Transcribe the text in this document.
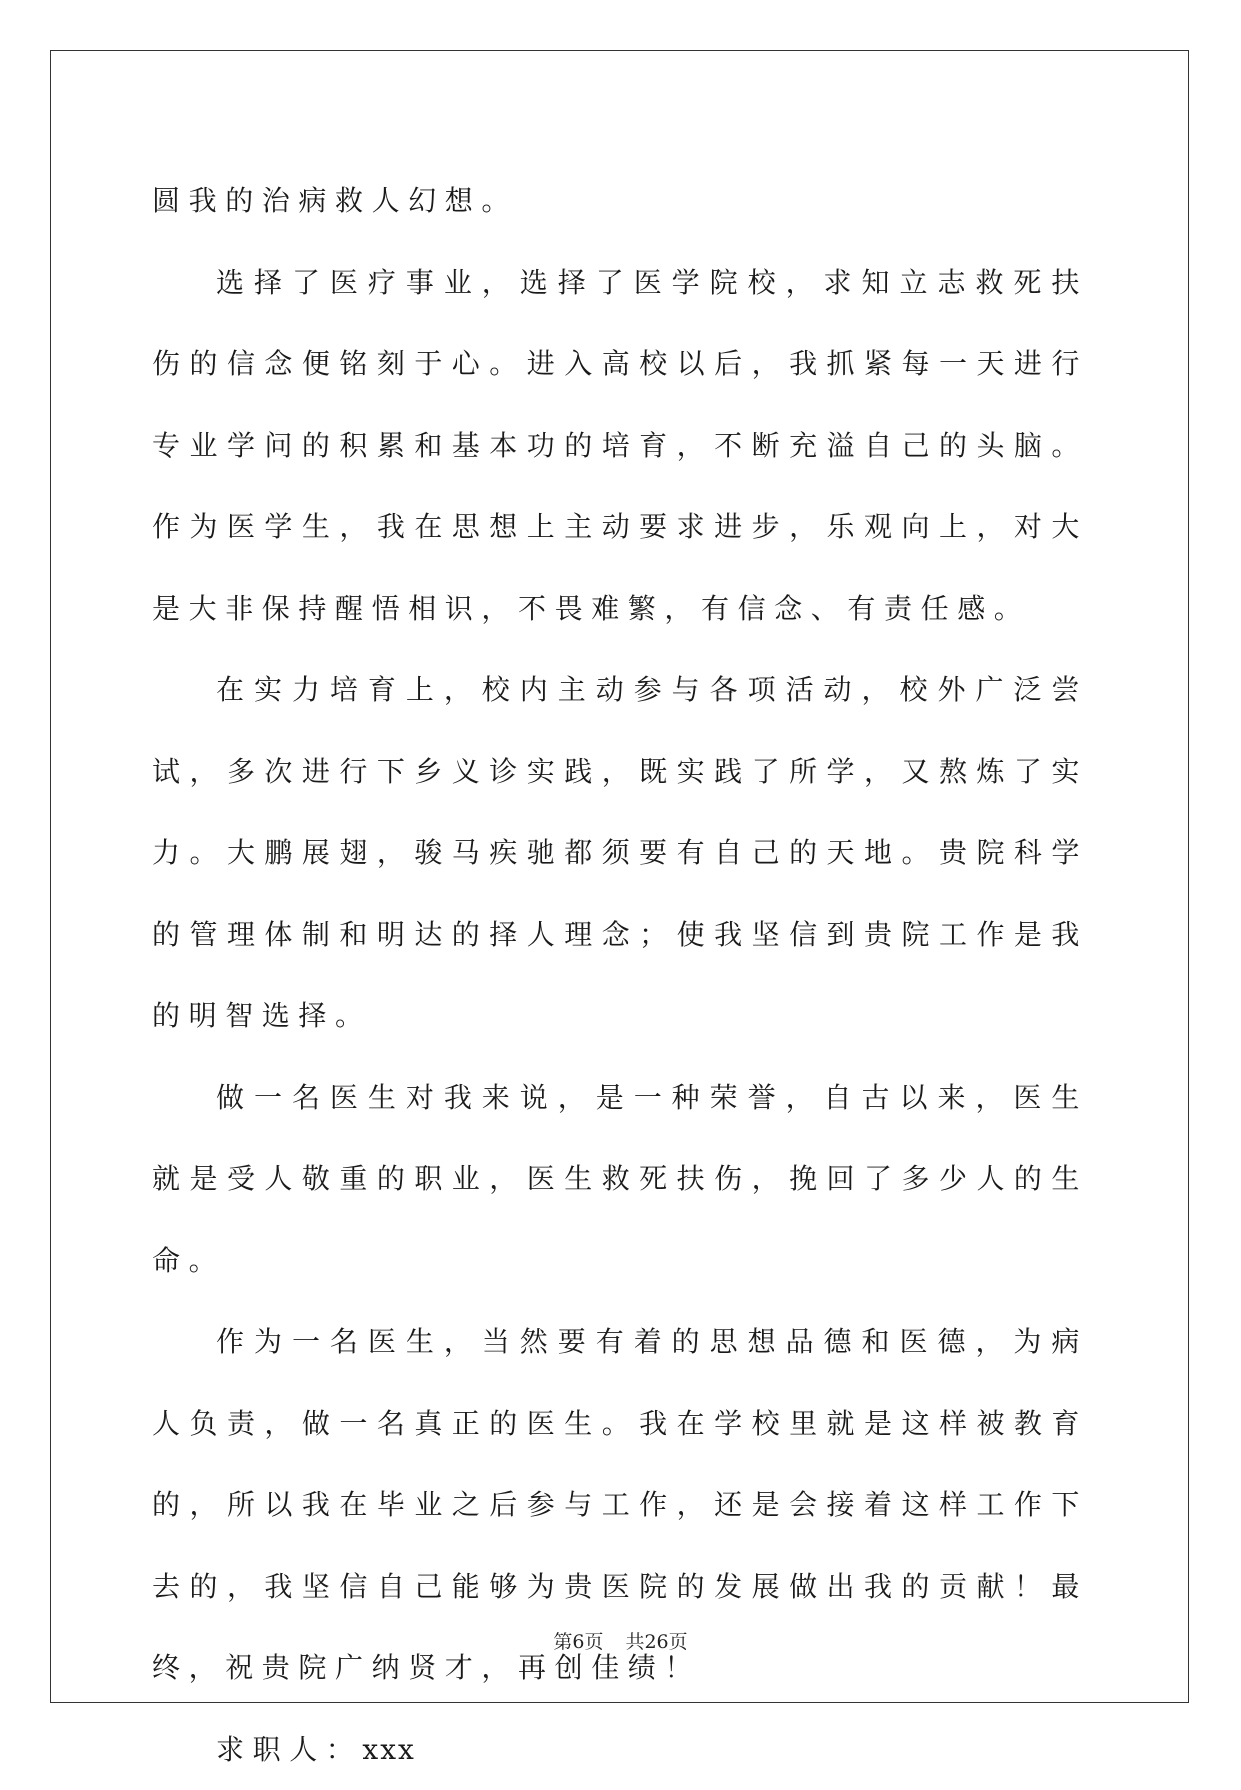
圆我的治病救人幻想。

选择了医疗事业，选择了医学院校，求知立志救死扶伤的信念便铭刻于心。进入高校以后，我抓紧每一天进行专业学问的积累和基本功的培育，不断充溢自己的头脑。作为医学生，我在思想上主动要求进步，乐观向上，对大是大非保持醒悟相识，不畏难繁，有信念、有责任感。

在实力培育上，校内主动参与各项活动，校外广泛尝试，多次进行下乡义诊实践，既实践了所学，又熬炼了实力。大鹏展翅，骏马疾驰都须要有自己的天地。贵院科学的管理体制和明达的择人理念；使我坚信到贵院工作是我的明智选择。

做一名医生对我来说，是一种荣誉，自古以来，医生就是受人敬重的职业，医生救死扶伤，挽回了多少人的生命。

作为一名医生，当然要有着的思想品德和医德，为病人负责，做一名真正的医生。我在学校里就是这样被教育的，所以我在毕业之后参与工作，还是会接着这样工作下去的，我坚信自己能够为贵医院的发展做出我的贡献！最终，祝贵院广纳贤才，再创佳绩！

求职人：xxx

第6页 共26页
